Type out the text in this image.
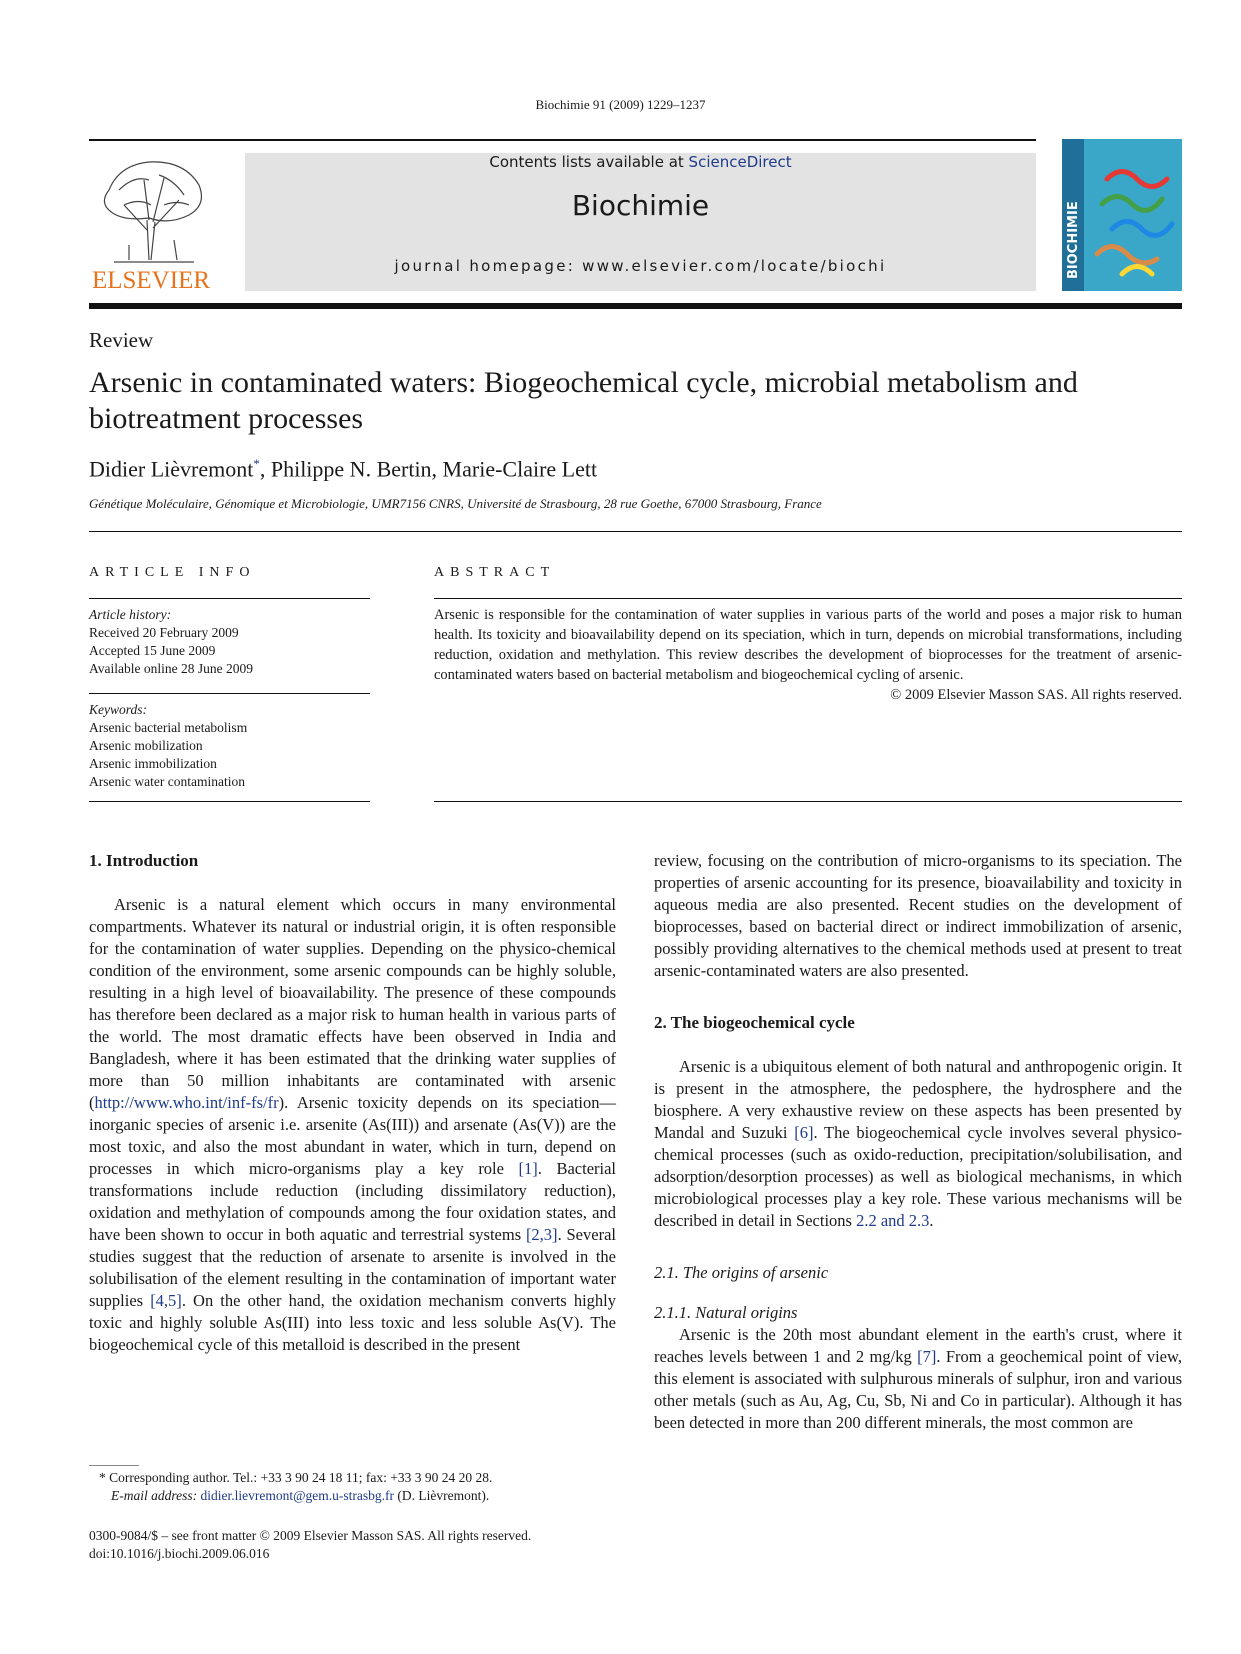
Biochimie 91 (2009) 1229–1237
ELSEVIER
Contents lists available at ScienceDirect
Biochimie
journal homepage: www.elsevier.com/locate/biochi	BIOCHIMIE
Review
Arsenic in contaminated waters: Biogeochemical cycle, microbial metabolism and biotreatment processes
Didier Lièvremont*, Philippe N. Bertin, Marie-Claire Lett
Génétique Moléculaire, Génomique et Microbiologie, UMR7156 CNRS, Université de Strasbourg, 28 rue Goethe, 67000 Strasbourg, France
ARTICLE INFO	ABSTRACT
Article history:
Received 20 February 2009
Accepted 15 June 2009
Available online 28 June 2009
Keywords:
Arsenic bacterial metabolism
Arsenic mobilization
Arsenic immobilization
Arsenic water contamination
Arsenic is responsible for the contamination of water supplies in various parts of the world and poses a major risk to human health. Its toxicity and bioavailability depend on its speciation, which in turn, depends on microbial transformations, including reduction, oxidation and methylation. This review describes the development of bioprocesses for the treatment of arsenic-contaminated waters based on bacterial metabolism and biogeochemical cycling of arsenic.
© 2009 Elsevier Masson SAS. All rights reserved.

1. Introduction

Arsenic is a natural element which occurs in many environmental compartments. Whatever its natural or industrial origin, it is often responsible for the contamination of water supplies. Depending on the physico-chemical condition of the environment, some arsenic compounds can be highly soluble, resulting in a high level of bioavailability. The presence of these compounds has therefore been declared as a major risk to human health in various parts of the world. The most dramatic effects have been observed in India and Bangladesh, where it has been estimated that the drinking water supplies of more than 50 million inhabitants are contaminated with arsenic (http://www.who.int/inf-fs/fr). Arsenic toxicity depends on its speciation—inorganic species of arsenic i.e. arsenite (As(III)) and arsenate (As(V)) are the most toxic, and also the most abundant in water, which in turn, depend on processes in which micro-organisms play a key role [1]. Bacterial transformations include reduction (including dissimilatory reduction), oxidation and methylation of compounds among the four oxidation states, and have been shown to occur in both aquatic and terrestrial systems [2,3]. Several studies suggest that the reduction of arsenate to arsenite is involved in the solubilisation of the element resulting in the contamination of important water supplies [4,5]. On the other hand, the oxidation mechanism converts highly toxic and highly soluble As(III) into less toxic and less soluble As(V). The biogeochemical cycle of this metalloid is described in the present

review, focusing on the contribution of micro-organisms to its speciation. The properties of arsenic accounting for its presence, bioavailability and toxicity in aqueous media are also presented. Recent studies on the development of bioprocesses, based on bacterial direct or indirect immobilization of arsenic, possibly providing alternatives to the chemical methods used at present to treat arsenic-contaminated waters are also presented.

2. The biogeochemical cycle

Arsenic is a ubiquitous element of both natural and anthropogenic origin. It is present in the atmosphere, the pedosphere, the hydrosphere and the biosphere. A very exhaustive review on these aspects has been presented by Mandal and Suzuki [6]. The biogeochemical cycle involves several physico-chemical processes (such as oxido-reduction, precipitation/solubilisation, and adsorption/desorption processes) as well as biological mechanisms, in which microbiological processes play a key role. These various mechanisms will be described in detail in Sections 2.2 and 2.3.

2.1. The origins of arsenic

2.1.1. Natural origins

Arsenic is the 20th most abundant element in the earth's crust, where it reaches levels between 1 and 2 mg/kg [7]. From a geochemical point of view, this element is associated with sulphurous minerals of sulphur, iron and various other metals (such as Au, Ag, Cu, Sb, Ni and Co in particular). Although it has been detected in more than 200 different minerals, the most common are

* Corresponding author. Tel.: +33 3 90 24 18 11; fax: +33 3 90 24 20 28.
E-mail address: didier.lievremont@gem.u-strasbg.fr (D. Lièvremont).
0300-9084/$ – see front matter © 2009 Elsevier Masson SAS. All rights reserved.
doi:10.1016/j.biochi.2009.06.016
